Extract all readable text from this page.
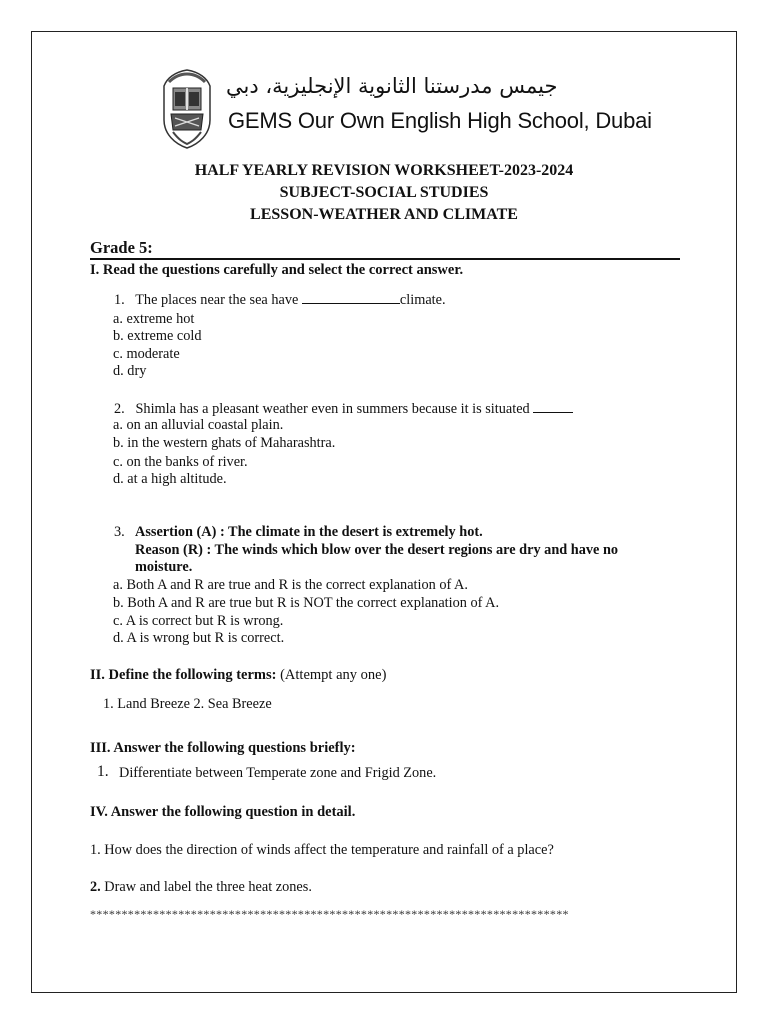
جيمس مدرستنا الثانوية الإنجليزية، دبي
GEMS Our Own English High School, Dubai
HALF YEARLY REVISION WORKSHEET-2023-2024
SUBJECT-SOCIAL STUDIES
LESSON-WEATHER AND CLIMATE
Grade 5:
I. Read the questions carefully and select the correct answer.
1. The places near the sea have	climate.
a. extreme hot
b. extreme cold
c. moderate
d. dry
2. Shimla has a pleasant weather even in summers because it is situated
a. on an alluvial coastal plain.
b. in the western ghats of Maharashtra.
c. on the banks of river.
d. at a high altitude.
3. Assertion (A) : The climate in the desert is extremely hot.
Reason (R) : The winds which blow over the desert regions are dry and have no
moisture.
a. Both A and R are true and R is the correct explanation of A.
b. Both A and R are true but R is NOT the correct explanation of A.
c. A is correct but R is wrong.
d. A is wrong but R is correct.
II. Define the following terms: (Attempt any one)
1. Land Breeze 2. Sea Breeze
III. Answer the following questions briefly:
1. Differentiate between Temperate zone and Frigid Zone.
IV. Answer the following question in detail.
1. How does the direction of winds affect the temperature and rainfall of a place?
2. Draw and label the three heat zones.
****************************************************************************
